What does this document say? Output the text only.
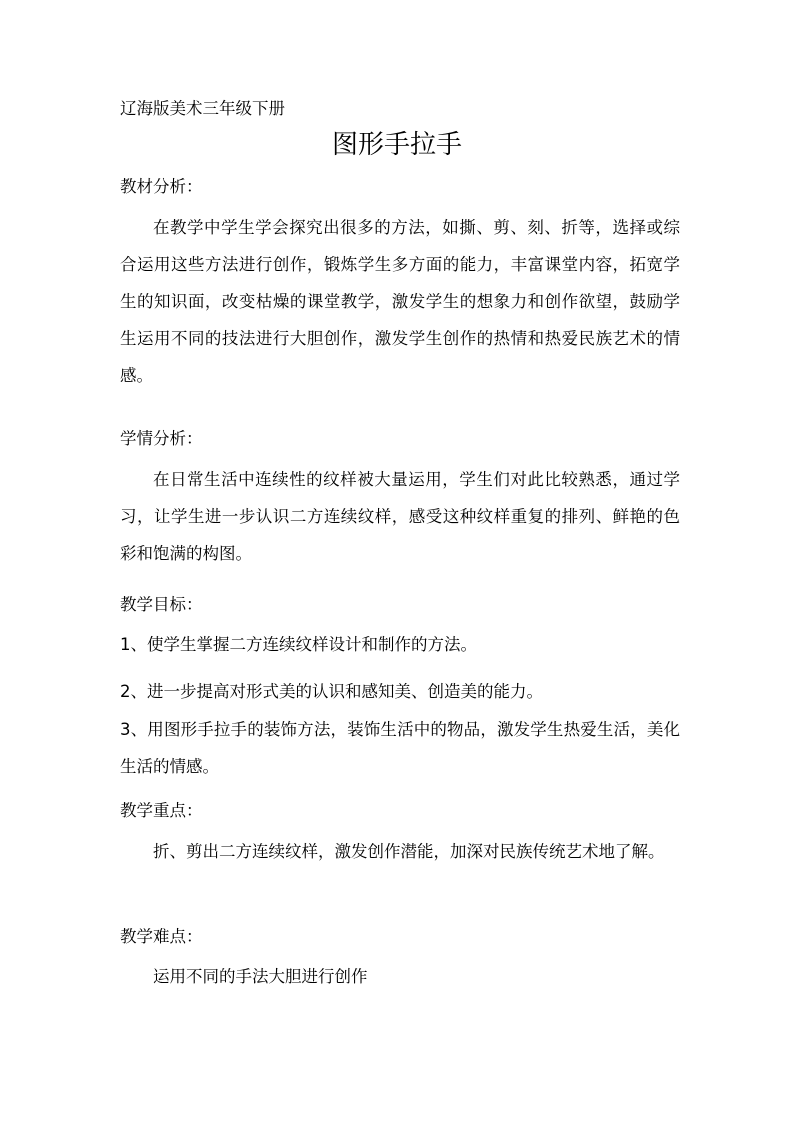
辽海版美术三年级下册
图形手拉手
教材分析：
在教学中学生学会探究出很多的方法，如撕、剪、刻、折等，选择或综合运用这些方法进行创作，锻炼学生多方面的能力，丰富课堂内容，拓宽学生的知识面，改变枯燥的课堂教学，激发学生的想象力和创作欲望，鼓励学生运用不同的技法进行大胆创作，激发学生创作的热情和热爱民族艺术的情感。
学情分析：
在日常生活中连续性的纹样被大量运用，学生们对此比较熟悉，通过学习，让学生进一步认识二方连续纹样，感受这种纹样重复的排列、鲜艳的色彩和饱满的构图。
教学目标：
1、使学生掌握二方连续纹样设计和制作的方法。
2、进一步提高对形式美的认识和感知美、创造美的能力。
3、用图形手拉手的装饰方法，装饰生活中的物品，激发学生热爱生活，美化生活的情感。
教学重点：
折、剪出二方连续纹样，激发创作潜能，加深对民族传统艺术地了解。
教学难点：
运用不同的手法大胆进行创作
